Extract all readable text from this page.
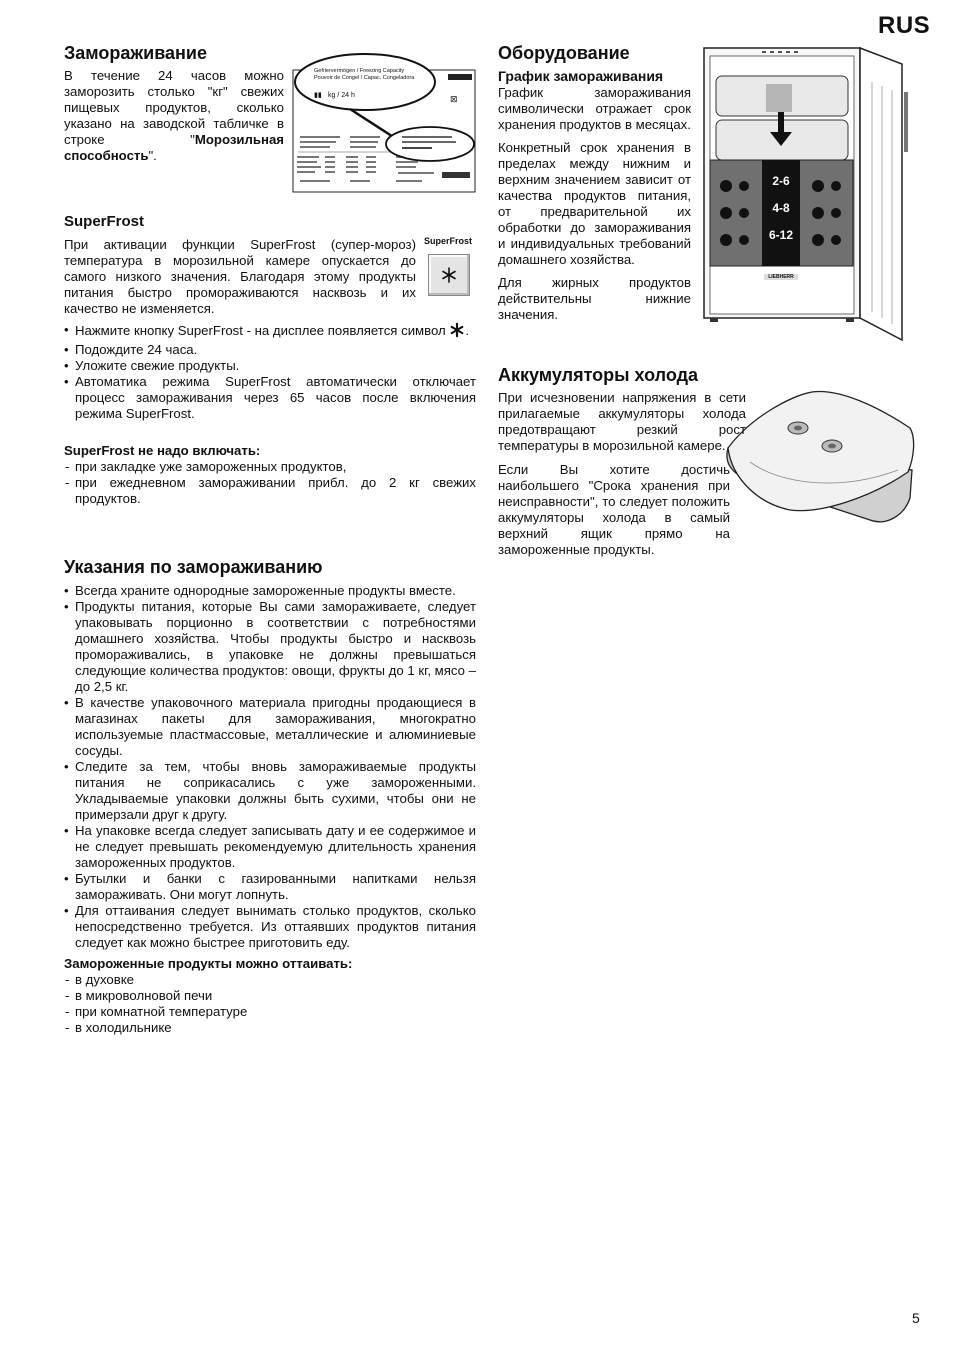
RUS
5
Замораживание

В течение 24 часов можно заморозить столько "кг" свежих пищевых продуктов, сколько указано на заводской табличке в строке "Морозильная способность".

Gefriervermögen / Freezing Capacity
Pouvoir de Congel / Capac. Congeladora
▮▮ kg / 24 h	⊠
SuperFrost

При активации функции SuperFrost (супер-мороз) температура в морозильной камере опускается до самого низкого значения. Благодаря этому продукты питания быстро промораживаются насквозь и их качество не изменяется.

SuperFrost
• Нажмите кнопку SuperFrost - на дисплее появляется символ .
• Подождите 24 часа.
• Уложите свежие продукты.
• Автоматика режима SuperFrost автоматически отключает процесс замораживания через 65 часов после включения режима SuperFrost.
SuperFrost не надо включать:
- при закладке уже замороженных продуктов,
- при ежедневном замораживании прибл. до 2 кг свежих продуктов.
Указания по замораживанию
• Всегда храните однородные замороженные продукты вместе.
• Продукты питания, которые Вы сами замораживаете, следует упаковывать порционно в соответствии с потребностями домашнего хозяйства. Чтобы продукты быстро и насквозь промораживались, в упаковке не должны превышаться следующие количества продуктов: овощи, фрукты до 1 кг, мясо – до 2,5 кг.
• В качестве упаковочного материала пригодны продающиеся в магазинах пакеты для замораживания, многократно используемые пластмассовые, металлические и алюминиевые сосуды.
• Следите за тем, чтобы вновь замораживаемые продукты питания не соприкасались с уже замороженными. Укладываемые упаковки должны быть сухими, чтобы они не примерзали друг к другу.
• На упаковке всегда следует записывать дату и ее содержимое и не следует превышать рекомендуемую длительность хранения замороженных продуктов.
• Бутылки и банки с газированными напитками нельзя замораживать. Они могут лопнуть.
• Для оттаивания следует вынимать столько продуктов, сколько непосредственно требуется. Из оттаявших продуктов питания следует как можно быстрее приготовить еду.
Замороженные продукты можно оттаивать:
- в духовке
- в микроволновой печи
- при комнатной температуре
- в холодильнике
Оборудование
График замораживания

График замораживания символически отражает срок хранения продуктов в месяцах.

Конкретный срок хранения в пределах между нижним и верхним значением зависит от качества продуктов питания, от предварительной их обработки до замораживания и индивидуальных требований домашнего хозяйства.

Для жирных продуктов действительны нижние значения.

2-6
4-8
6-12
LIEBHERR
Аккумуляторы холода

При исчезновении напряжения в сети прилагаемые аккумуляторы холода предотвращают резкий рост температуры в морозильной камере.

Если Вы хотите достичь наибольшего "Срока хранения при неисправности", то следует положить аккумуляторы холода в самый верхний ящик прямо на замороженные продукты.
